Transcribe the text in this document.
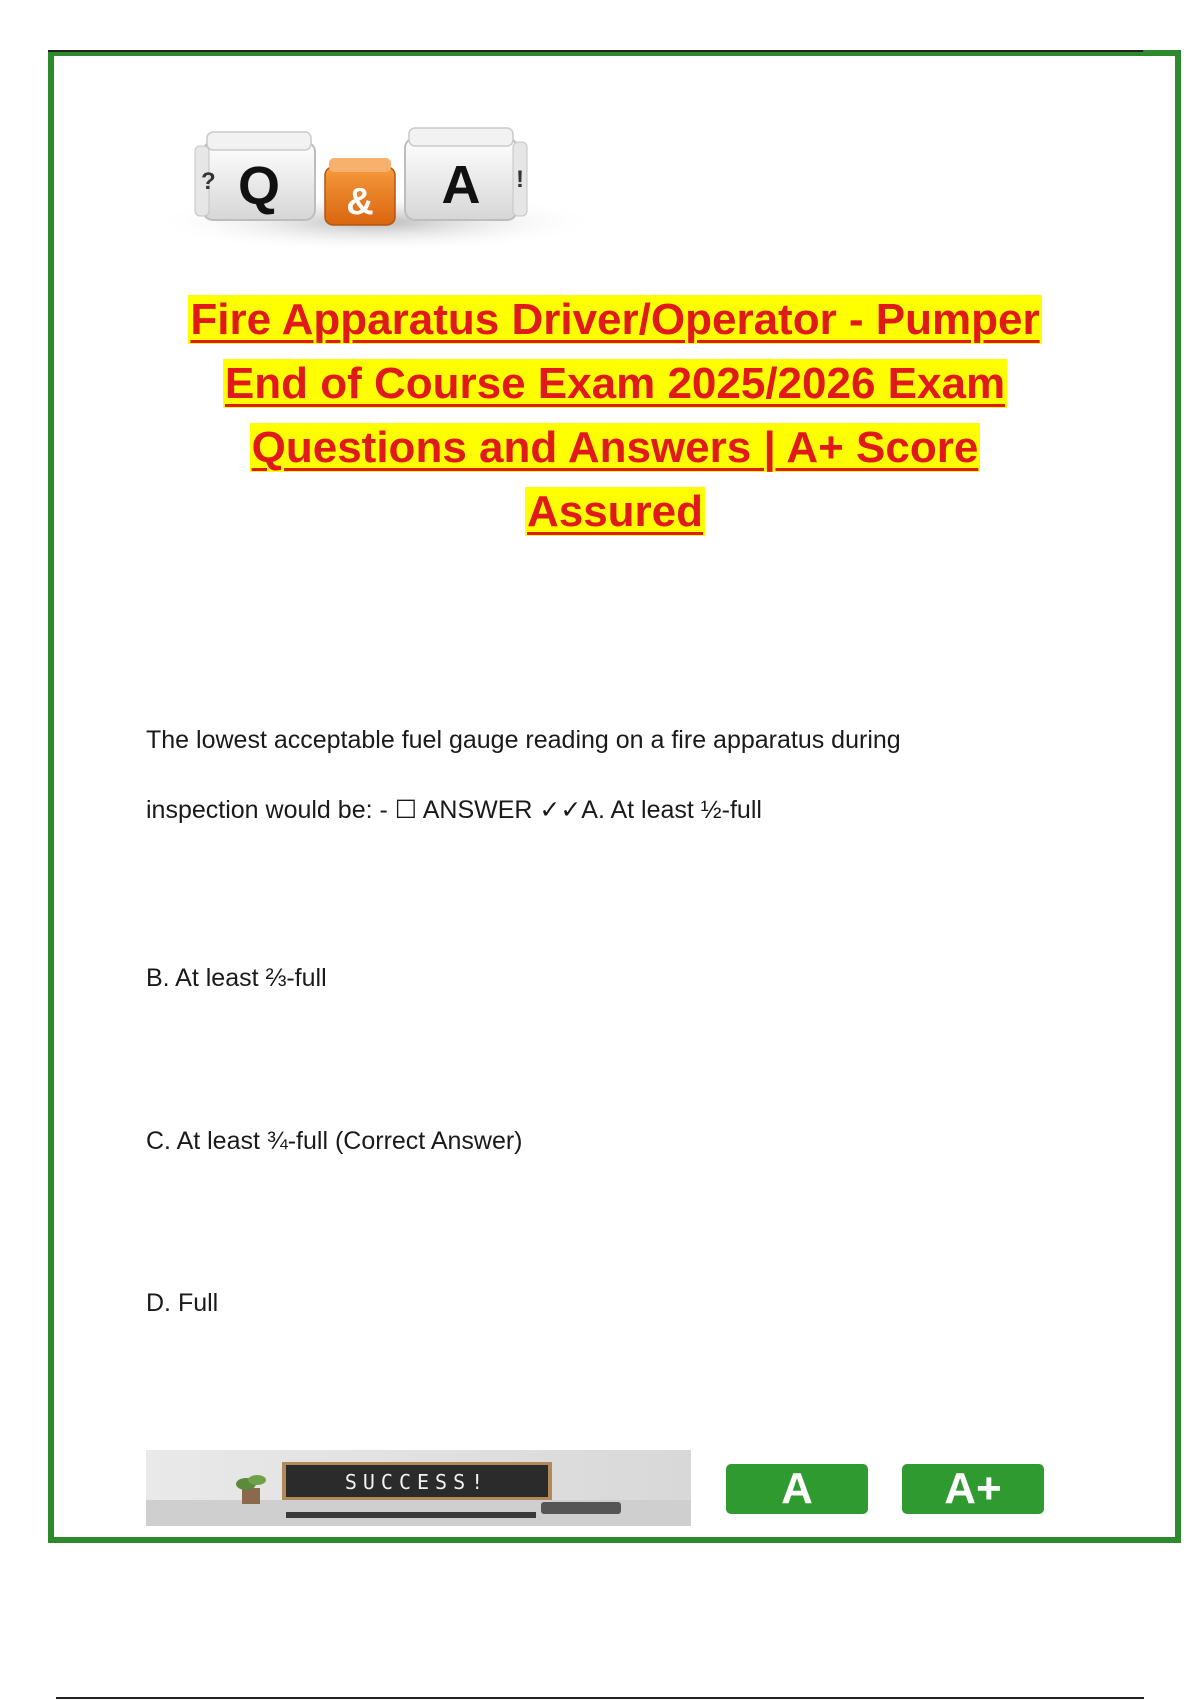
? Q &
!
A
Fire Apparatus Driver/Operator - Pumper
End of Course Exam 2025/2026 Exam
Questions and Answers | A+ Score
Assured
The lowest acceptable fuel gauge reading on a fire apparatus during
inspection would be: - ☐ ANSWER ✓✓A. At least ½-full
B. At least ⅔-full
C. At least ¾-full (Correct Answer)
D. Full
SUCCESS!	A	A+
